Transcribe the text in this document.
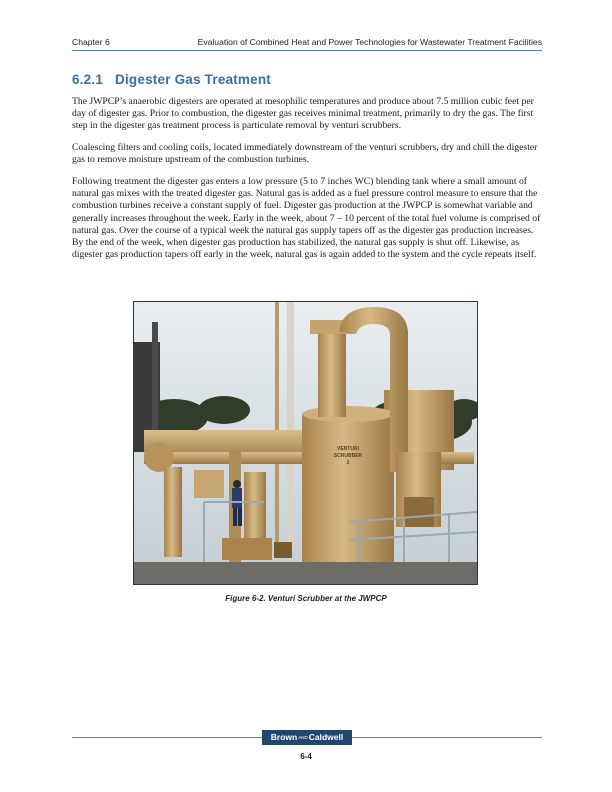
Chapter 6	Evaluation of Combined Heat and Power Technologies for Wastewater Treatment Facilities
6.2.1 Digester Gas Treatment

The JWPCP’s anaerobic digesters are operated at mesophilic temperatures and produce about 7.5 million cubic feet per day of digester gas. Prior to combustion, the digester gas receives minimal treatment, primarily to dry the gas. The first step in the digester gas treatment process is particulate removal by venturi scrubbers.

Coalescing filters and cooling coils, located immediately downstream of the venturi scrubbers, dry and chill the digester gas to remove moisture upstream of the combustion turbines.

Following treatment the digester gas enters a low pressure (5 to 7 inches WC) blending tank where a small amount of natural gas mixes with the treated digester gas. Natural gas is added as a fuel pressure control measure to ensure that the combustion turbines receive a constant supply of fuel. Digester gas production at the JWPCP is somewhat variable and generally increases throughout the week. Early in the week, about 7 – 10 percent of the total fuel volume is comprised of natural gas. Over the course of a typical week the natural gas supply tapers off as the digester gas production increases. By the end of the week, when digester gas production has stabilized, the natural gas supply is shut off. Likewise, as digester gas production tapers off early in the week, natural gas is again added to the system and the cycle repeats itself.

VENTURI
SCRUBBER
2
Figure 6-2. Venturi Scrubber at the JWPCP
BrownANDCaldwell
6-4
